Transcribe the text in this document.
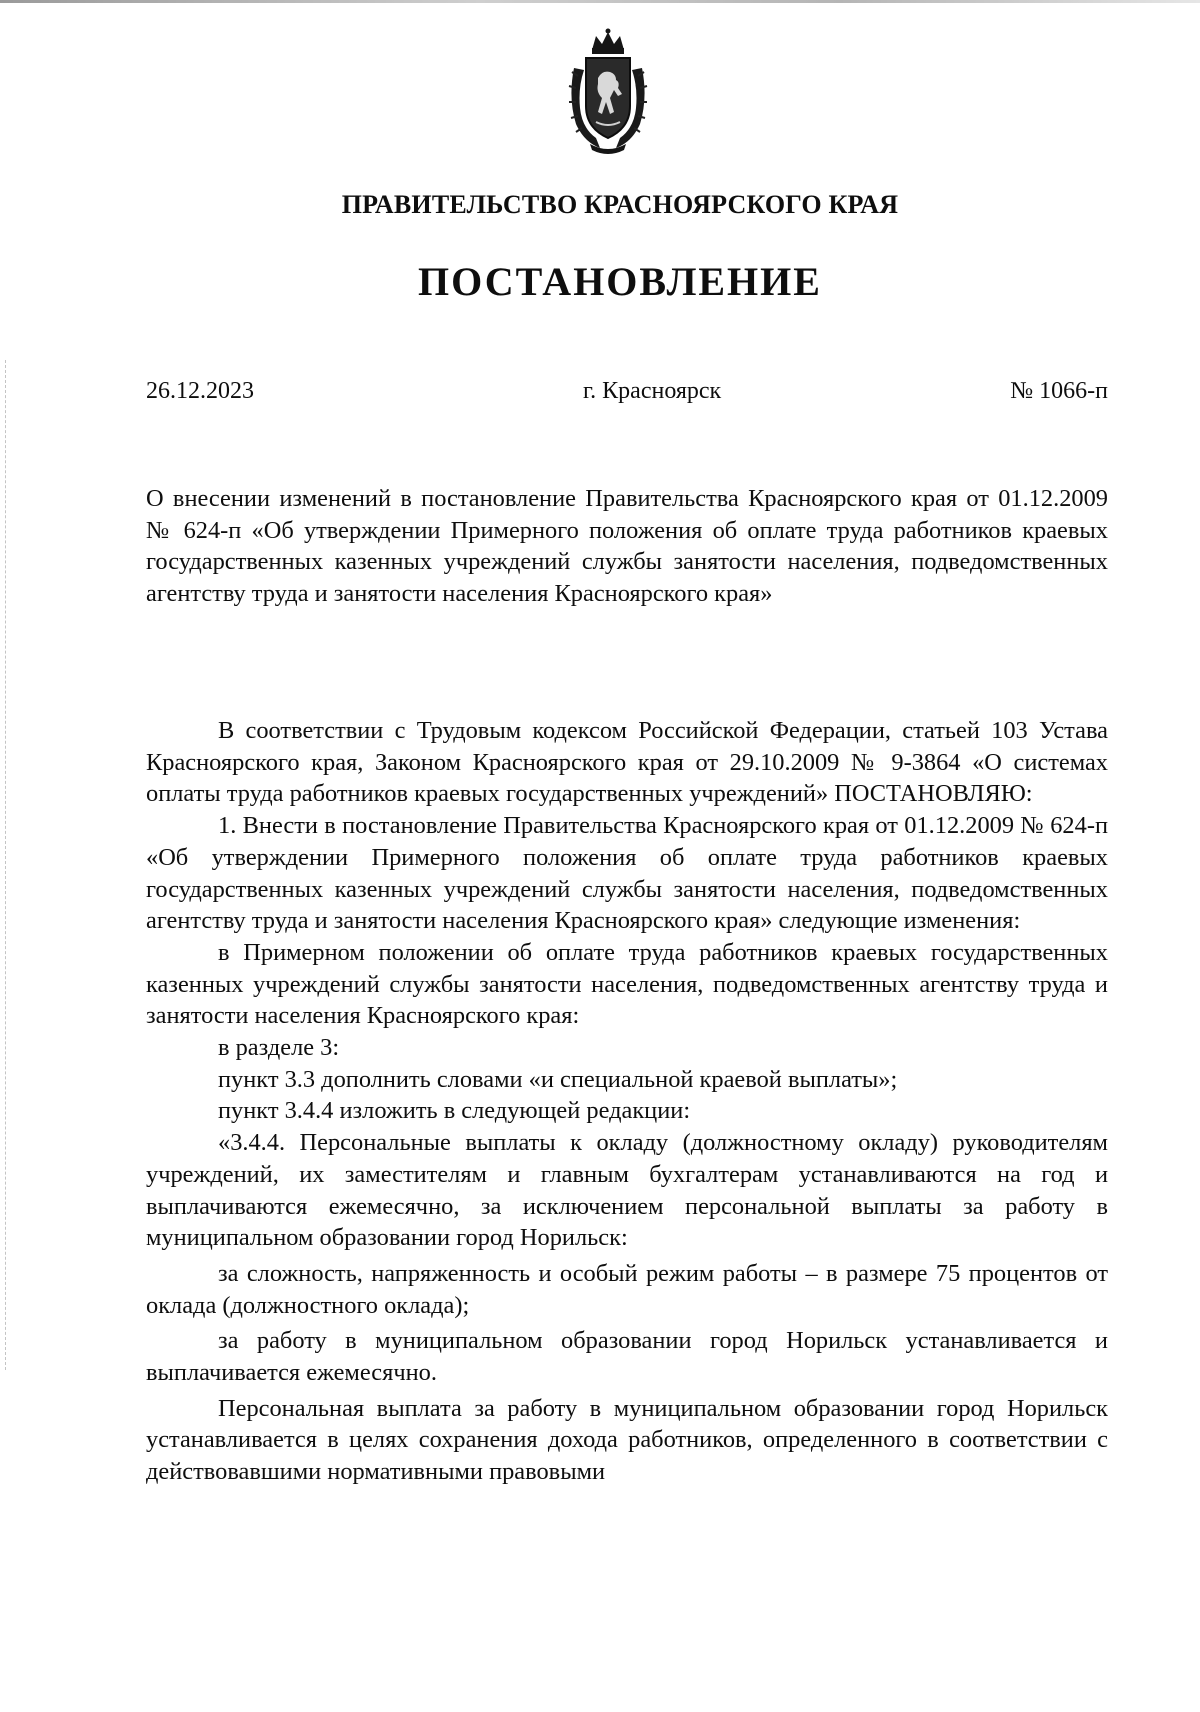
ПРАВИТЕЛЬСТВО КРАСНОЯРСКОГО КРАЯ
ПОСТАНОВЛЕНИЕ
26.12.2023	г. Красноярск	№ 1066-п

О внесении изменений в постановление Правительства Красноярского края от 01.12.2009 № 624-п «Об утверждении Примерного положения об оплате труда работников краевых государственных казенных учреждений службы занятости населения, подведомственных агентству труда и занятости населения Красноярского края»

В соответствии с Трудовым кодексом Российской Федерации, статьей 103 Устава Красноярского края, Законом Красноярского края от 29.10.2009 № 9-3864 «О системах оплаты труда работников краевых государственных учреждений» ПОСТАНОВЛЯЮ:

1. Внести в постановление Правительства Красноярского края от 01.12.2009 № 624-п «Об утверждении Примерного положения об оплате труда работников краевых государственных казенных учреждений службы занятости населения, подведомственных агентству труда и занятости населения Красноярского края» следующие изменения:

в Примерном положении об оплате труда работников краевых государственных казенных учреждений службы занятости населения, подведомственных агентству труда и занятости населения Красноярского края:

в разделе 3:

пункт 3.3 дополнить словами «и специальной краевой выплаты»;

пункт 3.4.4 изложить в следующей редакции:

«3.4.4. Персональные выплаты к окладу (должностному окладу) руководителям учреждений, их заместителям и главным бухгалтерам устанавливаются на год и выплачиваются ежемесячно, за исключением персональной выплаты за работу в муниципальном образовании город Норильск:

за сложность, напряженность и особый режим работы – в размере 75 процентов от оклада (должностного оклада);

за работу в муниципальном образовании город Норильск устанавливается и выплачивается ежемесячно.

Персональная выплата за работу в муниципальном образовании город Норильск устанавливается в целях сохранения дохода работников, определенного в соответствии с действовавшими нормативными правовыми
